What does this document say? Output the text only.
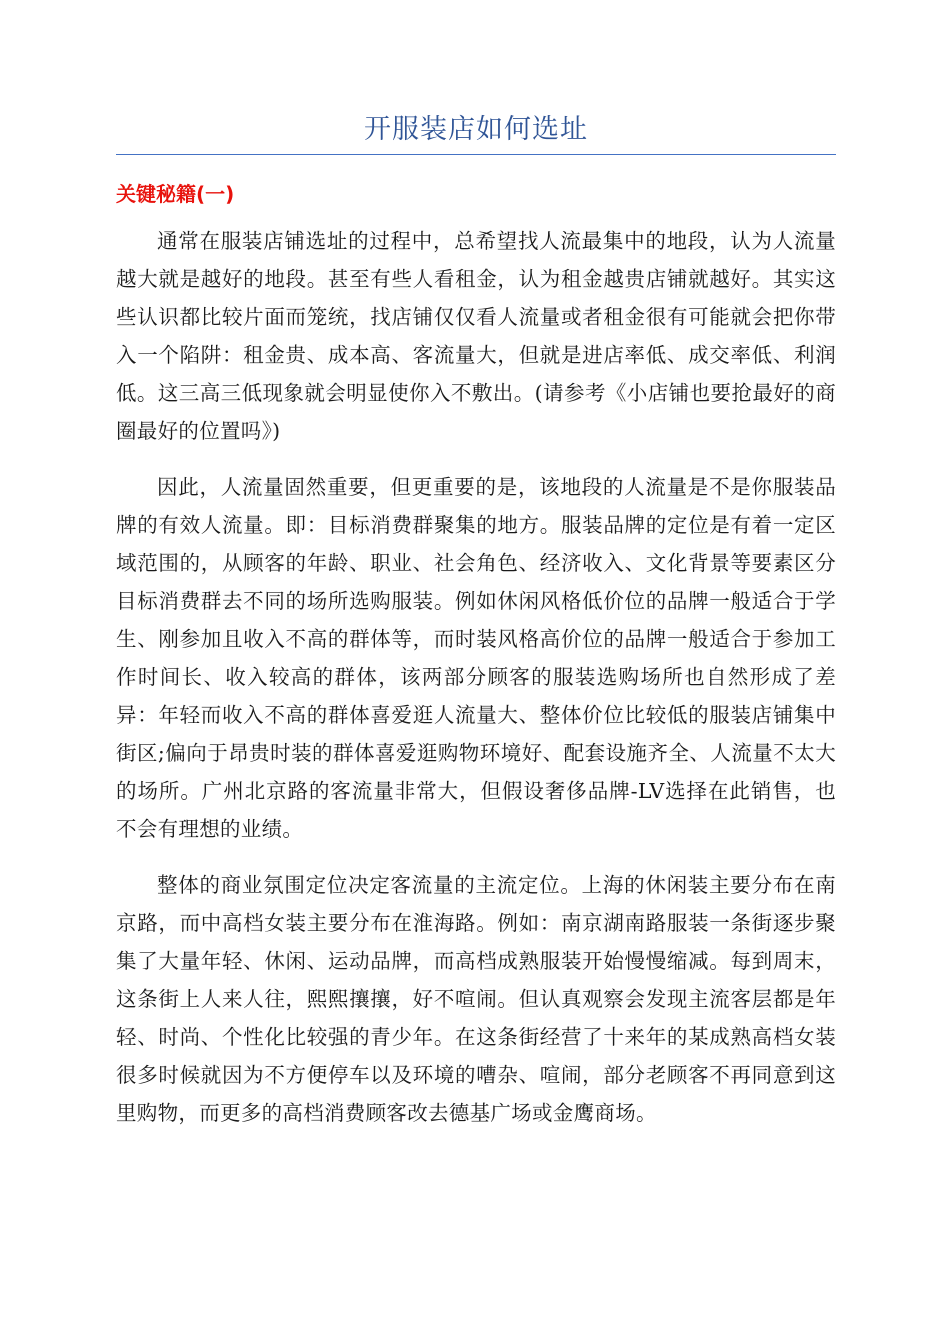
开服装店如何选址
关键秘籍(一)

通常在服装店铺选址的过程中，总希望找人流最集中的地段，认为人流量越大就是越好的地段。甚至有些人看租金，认为租金越贵店铺就越好。其实这些认识都比较片面而笼统，找店铺仅仅看人流量或者租金很有可能就会把你带入一个陷阱：租金贵、成本高、客流量大，但就是进店率低、成交率低、利润低。这三高三低现象就会明显使你入不敷出。(请参考《小店铺也要抢最好的商圈最好的位置吗》)

因此，人流量固然重要，但更重要的是，该地段的人流量是不是你服装品牌的有效人流量。即：目标消费群聚集的地方。服装品牌的定位是有着一定区域范围的，从顾客的年龄、职业、社会角色、经济收入、文化背景等要素区分目标消费群去不同的场所选购服装。例如休闲风格低价位的品牌一般适合于学生、刚参加且收入不高的群体等，而时装风格高价位的品牌一般适合于参加工作时间长、收入较高的群体，该两部分顾客的服装选购场所也自然形成了差异：年轻而收入不高的群体喜爱逛人流量大、整体价位比较低的服装店铺集中街区;偏向于昂贵时装的群体喜爱逛购物环境好、配套设施齐全、人流量不太大的场所。广州北京路的客流量非常大，但假设奢侈品牌-LV选择在此销售，也不会有理想的业绩。

整体的商业氛围定位决定客流量的主流定位。上海的休闲装主要分布在南京路，而中高档女装主要分布在淮海路。例如：南京湖南路服装一条街逐步聚集了大量年轻、休闲、运动品牌，而高档成熟服装开始慢慢缩减。每到周末，这条街上人来人往，熙熙攘攘，好不喧闹。但认真观察会发现主流客层都是年轻、时尚、个性化比较强的青少年。在这条街经营了十来年的某成熟高档女装很多时候就因为不方便停车以及环境的嘈杂、喧闹，部分老顾客不再同意到这里购物，而更多的高档消费顾客改去德基广场或金鹰商场。
